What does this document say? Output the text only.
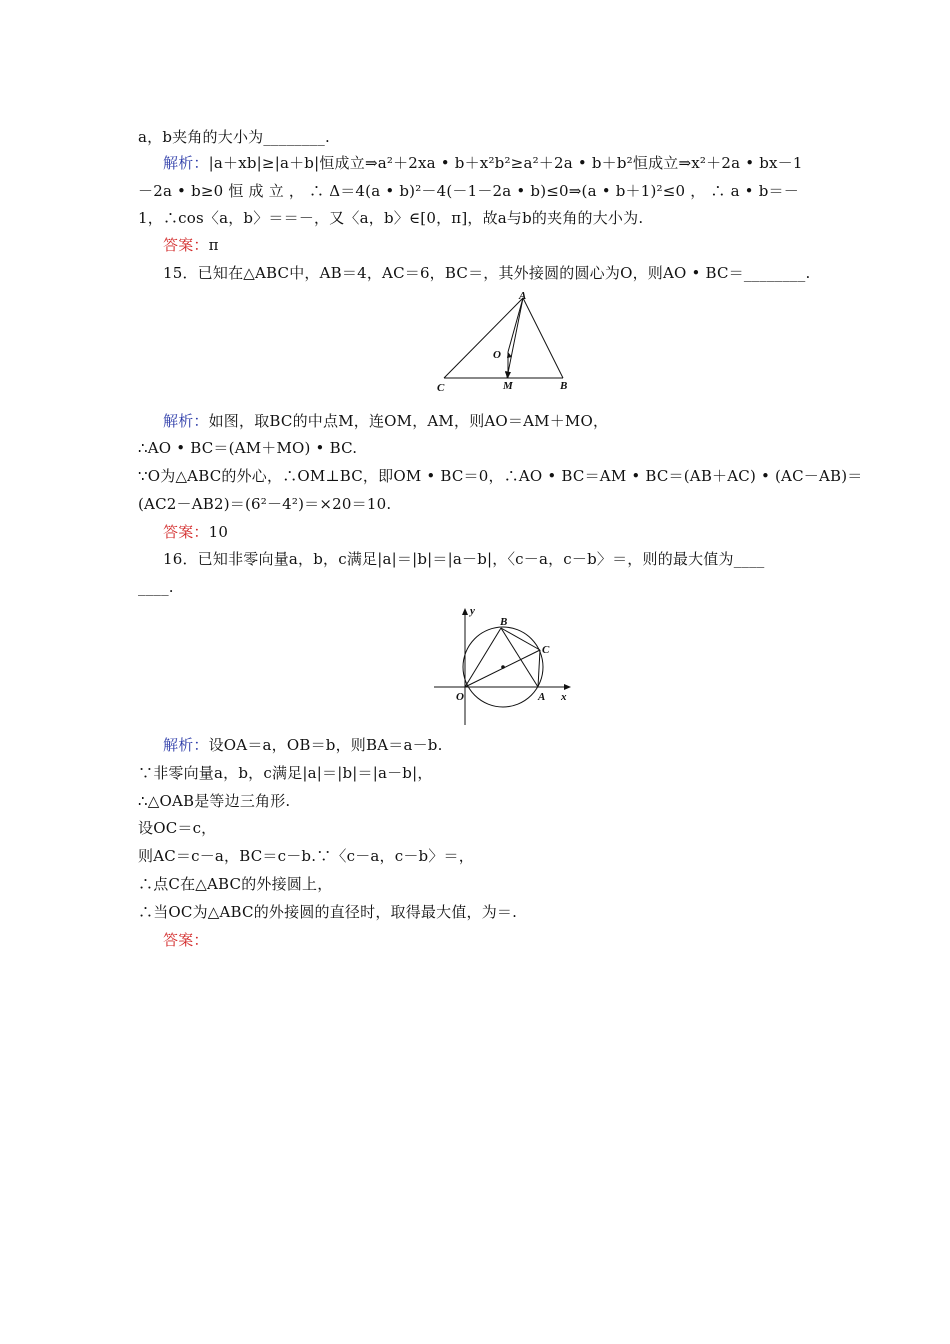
a，b夹角的大小为________.
解析：|a＋xb|≥|a＋b|恒成立⇒a²＋2xa • b＋x²b²≥a²＋2a • b＋b²恒成立⇒x²＋2a • bx－1
－2a • b≥0 恒 成 立 ， ∴ Δ＝4(a • b)²－4(－1－2a • b)≤0⇒(a • b＋1)²≤0 ， ∴ a • b＝－
1，∴cos〈a，b〉＝＝－，又〈a，b〉∈[0，π]，故a与b的夹角的大小为.
答案：π
15．已知在△ABC中，AB＝4，AC＝6，BC＝，其外接圆的圆心为O，则AO • BC＝________.
A
O
C	M	B
解析：如图，取BC的中点M，连OM，AM，则AO＝AM＋MO，
∴AO • BC＝(AM＋MO) • BC.
∵O为△ABC的外心，∴OM⊥BC，即OM • BC＝0，∴AO • BC＝AM • BC＝(AB＋AC) • (AC－AB)＝
(AC2－AB2)＝(6²－4²)＝×20＝10.
答案：10
16．已知非零向量a，b，c满足|a|＝|b|＝|a－b|，〈c－a，c－b〉＝，则的最大值为____
____.
y
B
C
O	A x
解析：设OA＝a，OB＝b，则BA＝a－b.
∵非零向量a，b，c满足|a|＝|b|＝|a－b|，
∴△OAB是等边三角形.
设OC＝c，
则AC＝c－a，BC＝c－b.∵〈c－a，c－b〉＝，
∴点C在△ABC的外接圆上，
∴当OC为△ABC的外接圆的直径时，取得最大值，为＝.
答案：
